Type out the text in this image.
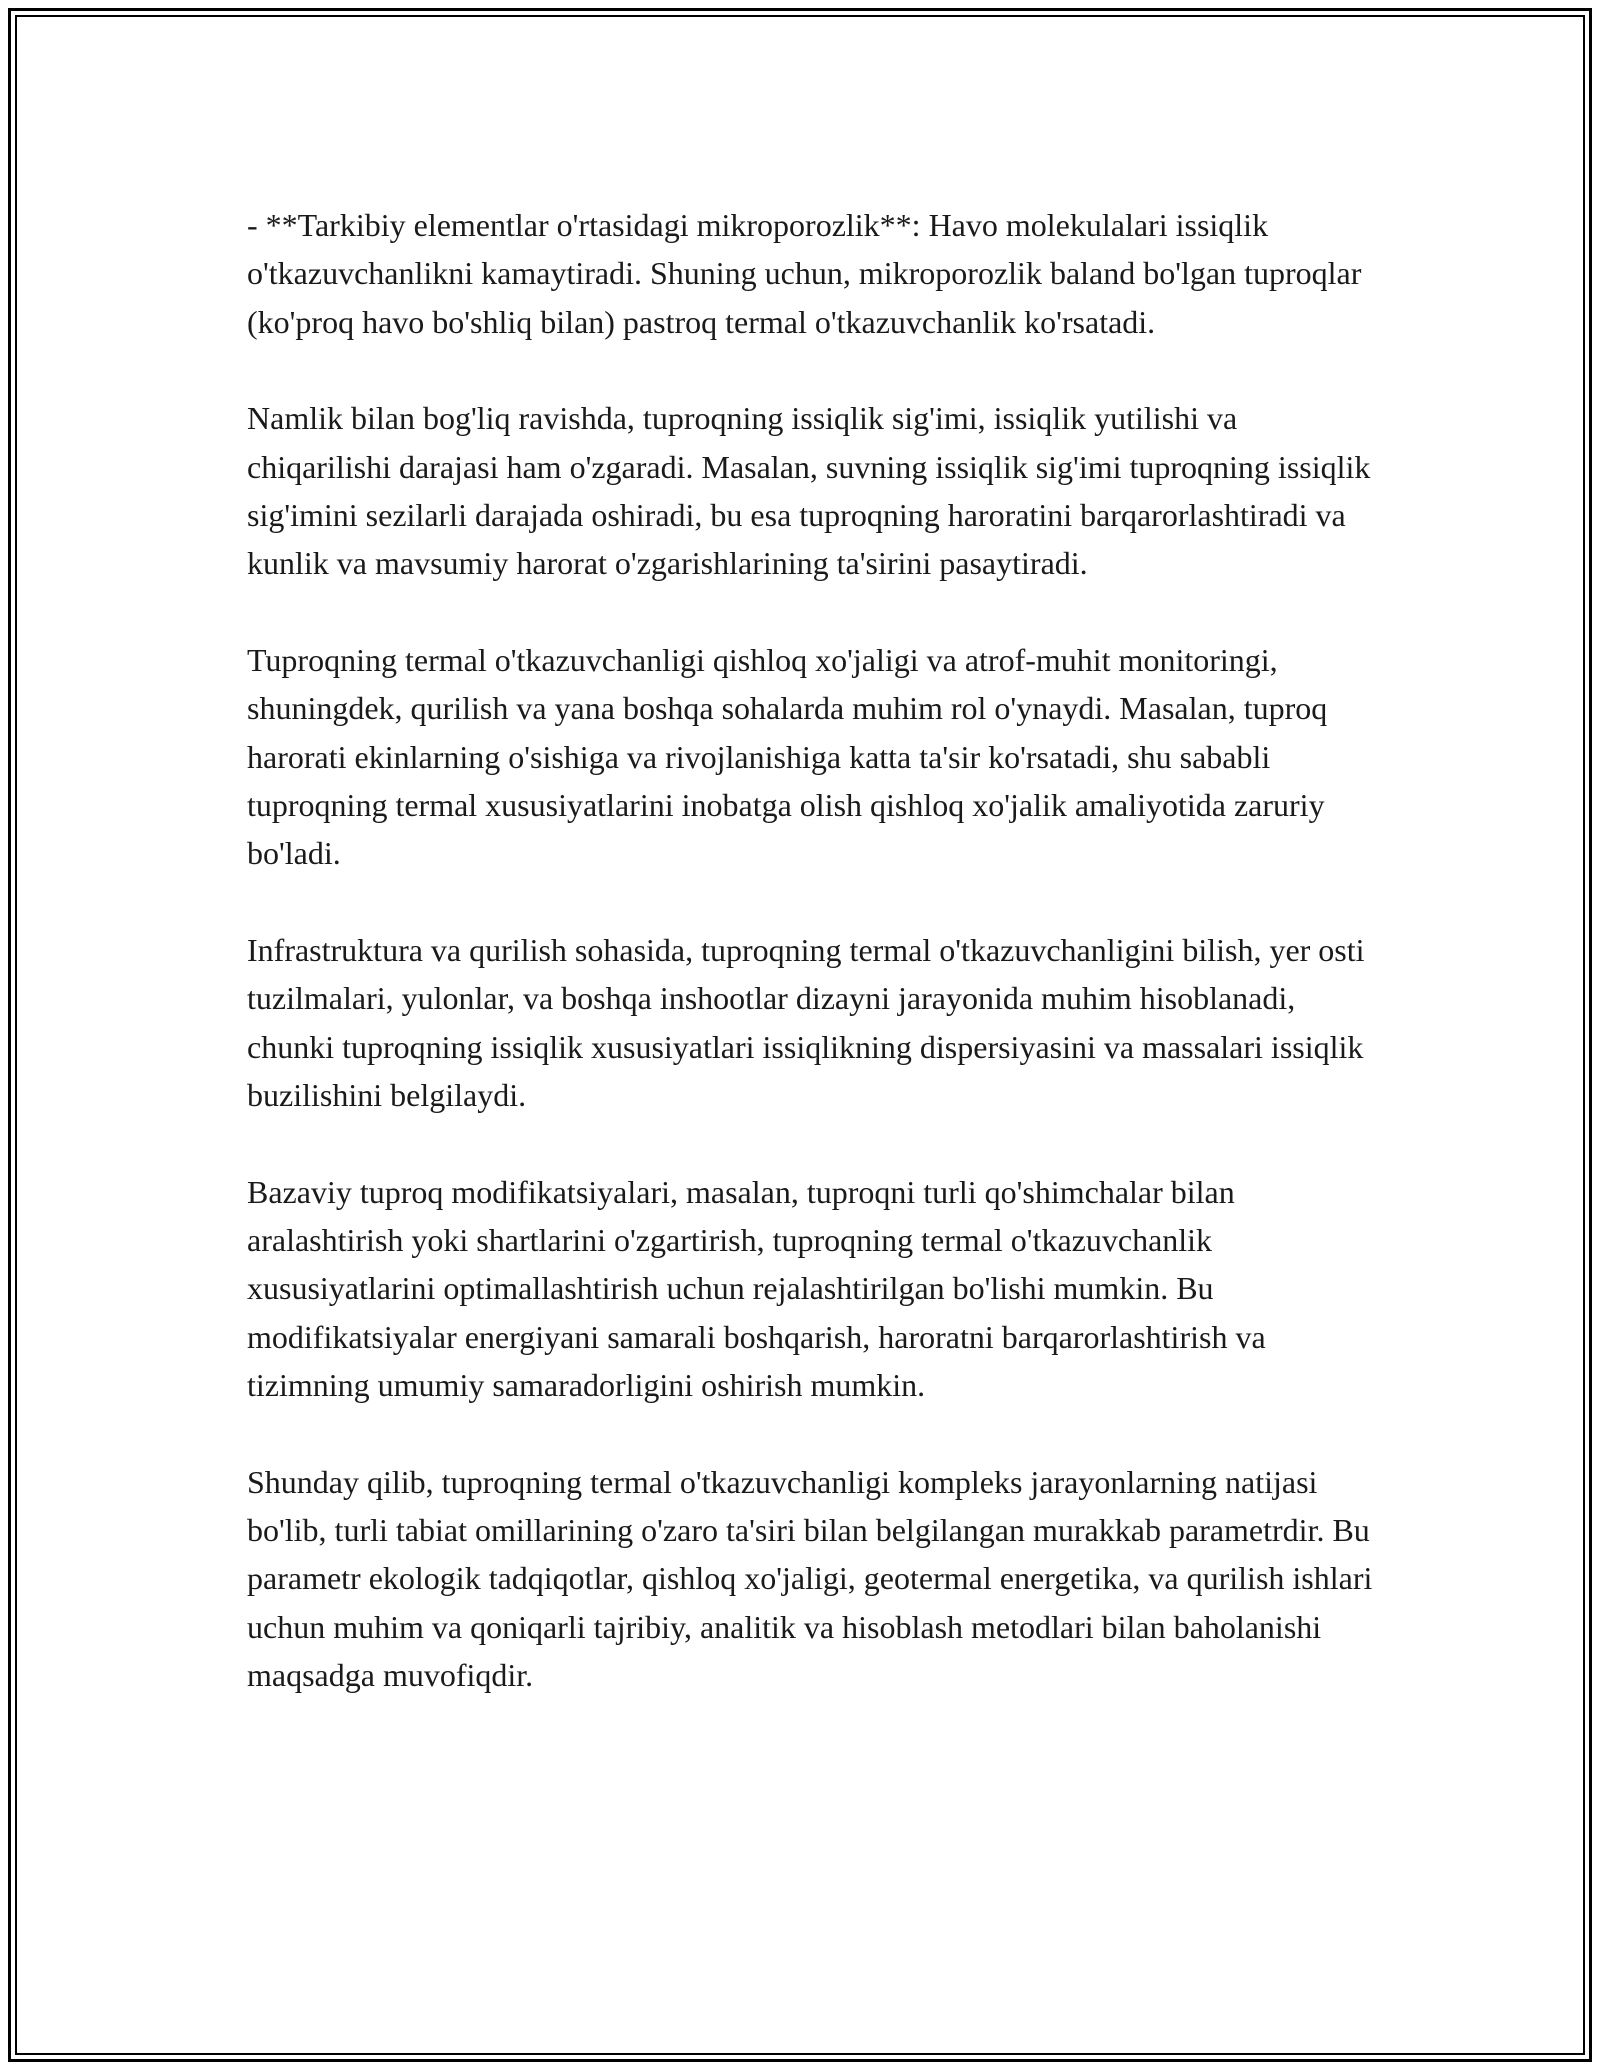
- **Tarkibiy elementlar o'rtasidagi mikroporozlik**: Havo molekulalari issiqlik o'tkazuvchanlikni kamaytiradi. Shuning uchun, mikroporozlik baland bo'lgan tuproqlar (ko'proq havo bo'shliq bilan) pastroq termal o'tkazuvchanlik ko'rsatadi.

Namlik bilan bog'liq ravishda, tuproqning issiqlik sig'imi, issiqlik yutilishi va chiqarilishi darajasi ham o'zgaradi. Masalan, suvning issiqlik sig'imi tuproqning issiqlik sig'imini sezilarli darajada oshiradi, bu esa tuproqning haroratini barqarorlashtiradi va kunlik va mavsumiy harorat o'zgarishlarining ta'sirini pasaytiradi.

Tuproqning termal o'tkazuvchanligi qishloq xo'jaligi va atrof-muhit monitoringi, shuningdek, qurilish va yana boshqa sohalarda muhim rol o'ynaydi. Masalan, tuproq harorati ekinlarning o'sishiga va rivojlanishiga katta ta'sir ko'rsatadi, shu sababli tuproqning termal xususiyatlarini inobatga olish qishloq xo'jalik amaliyotida zaruriy bo'ladi.

Infrastruktura va qurilish sohasida, tuproqning termal o'tkazuvchanligini bilish, yer osti tuzilmalari, yulonlar, va boshqa inshootlar dizayni jarayonida muhim hisoblanadi, chunki tuproqning issiqlik xususiyatlari issiqlikning dispersiyasini va massalari issiqlik buzilishini belgilaydi.

Bazaviy tuproq modifikatsiyalari, masalan, tuproqni turli qo'shimchalar bilan aralashtirish yoki shartlarini o'zgartirish, tuproqning termal o'tkazuvchanlik xususiyatlarini optimallashtirish uchun rejalashtirilgan bo'lishi mumkin. Bu modifikatsiyalar energiyani samarali boshqarish, haroratni barqarorlashtirish va tizimning umumiy samaradorligini oshirish mumkin.

Shunday qilib, tuproqning termal o'tkazuvchanligi kompleks jarayonlarning natijasi bo'lib, turli tabiat omillarining o'zaro ta'siri bilan belgilangan murakkab parametrdir. Bu parametr ekologik tadqiqotlar, qishloq xo'jaligi, geotermal energetika, va qurilish ishlari uchun muhim va qoniqarli tajribiy, analitik va hisoblash metodlari bilan baholanishi maqsadga muvofiqdir.
